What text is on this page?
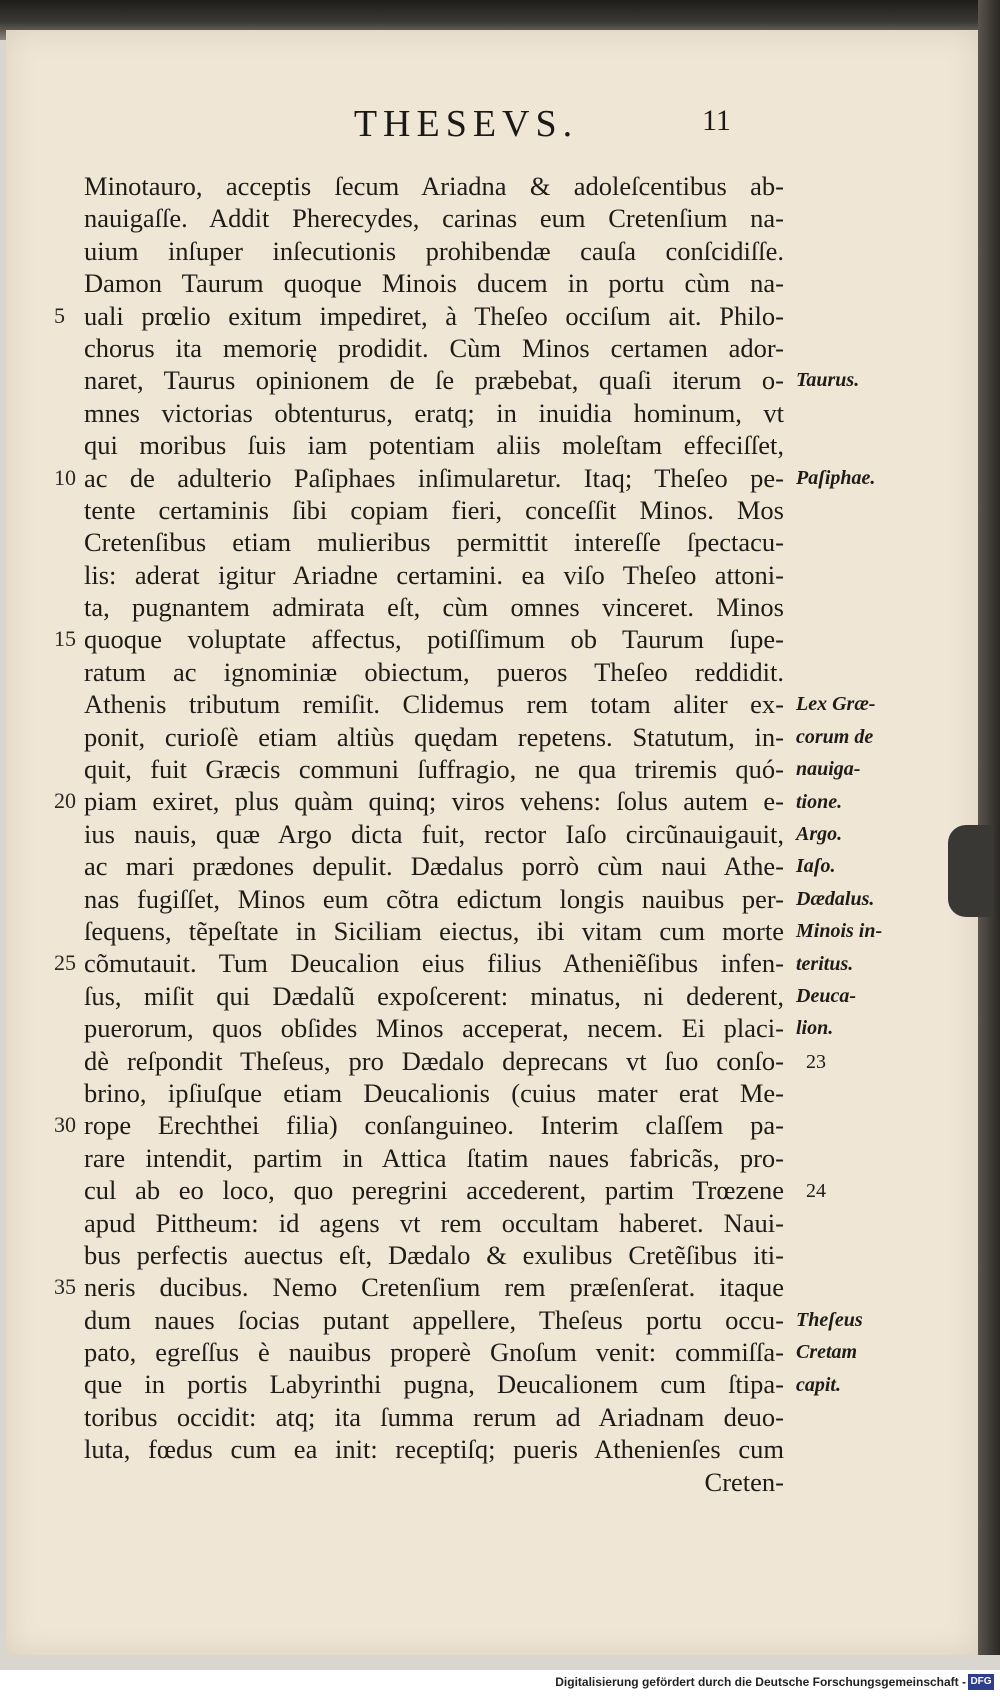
THESEVS.	11
Minotauro, acceptis ſecum Ariadna & adoleſcentibus ab-
nauigaſſe. Addit Pherecydes, carinas eum Cretenſium na-
uium inſuper inſecutionis prohibendæ cauſa conſcidiſſe.
Damon Taurum quoque Minois ducem in portu cùm na-
5 uali prœlio exitum impediret, à Theſeo occiſum ait. Philo-
chorus ita memorię prodidit. Cùm Minos certamen ador-
naret, Taurus opinionem de ſe præbebat, quaſi iterum o-
mnes victorias obtenturus, eratq; in inuidia hominum, vt
qui moribus ſuis iam potentiam aliis moleſtam effeciſſet,
10 ac de adulterio Paſiphaes inſimularetur. Itaq; Theſeo pe-
tente certaminis ſibi copiam fieri, conceſſit Minos. Mos
Cretenſibus etiam mulieribus permittit intereſſe ſpectacu-
lis: aderat igitur Ariadne certamini. ea viſo Theſeo attoni-
ta, pugnantem admirata eſt, cùm omnes vinceret. Minos
15 quoque voluptate affectus, potiſſimum ob Taurum ſupe-
ratum ac ignominiæ obiectum, pueros Theſeo reddidit.
Athenis tributum remiſit. Clidemus rem totam aliter ex-
ponit, curioſè etiam altiùs quędam repetens. Statutum, in-
quit, fuit Græcis communi ſuffragio, ne qua triremis quó-
20 piam exiret, plus quàm quinq; viros vehens: ſolus autem e-
ius nauis, quæ Argo dicta fuit, rector Iaſo circũnauigauit,
ac mari prædones depulit. Dædalus porrò cùm naui Athe-
nas fugiſſet, Minos eum cõtra edictum longis nauibus per-
ſequens, tẽpeſtate in Siciliam eiectus, ibi vitam cum morte
25 cõmutauit. Tum Deucalion eius filius Atheniẽſibus infen-
ſus, miſit qui Dædalũ expoſcerent: minatus, ni dederent,
puerorum, quos obſides Minos acceperat, necem. Ei placi-
dè reſpondit Theſeus, pro Dædalo deprecans vt ſuo conſo-
brino, ipſiuſque etiam Deucalionis (cuius mater erat Me-
30 rope Erechthei filia) conſanguineo. Interim claſſem pa-
rare intendit, partim in Attica ſtatim naues fabricãs, pro-
cul ab eo loco, quo peregrini accederent, partim Trœzene
apud Pittheum: id agens vt rem occultam haberet. Naui-
bus perfectis auectus eſt, Dædalo & exulibus Cretẽſibus iti-
35 neris ducibus. Nemo Cretenſium rem præſenſerat. itaque
dum naues ſocias putant appellere, Theſeus portu occu-
pato, egreſſus è nauibus properè Gnoſum venit: commiſſa-
que in portis Labyrinthi pugna, Deucalionem cum ſtipa-
toribus occidit: atq; ita ſumma rerum ad Ariadnam deuo-
luta, fœdus cum ea init: receptiſq; pueris Athenienſes cum
Creten-
Taurus.
Paſiphae.
Lex Græ-
corum de
nauiga-
tione.
Argo.
Iaſo.
Dædalus.
Minois in-
teritus.
Deuca-
lion.
Theſeus
Cretam
capit.
23
24
Digitalisierung gefördert durch die Deutsche Forschungsgemeinschaft - DFG
